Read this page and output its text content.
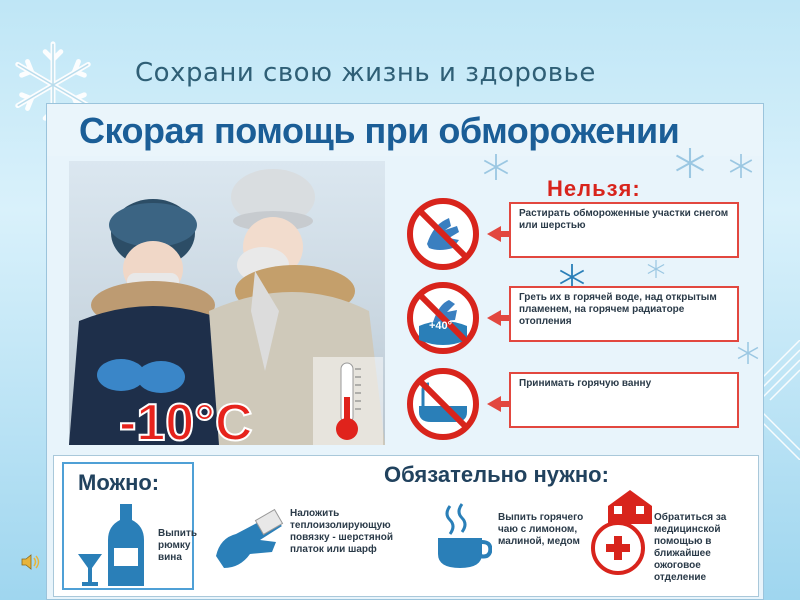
Сохрани свою жизнь и здоровье
Скорая помощь при обморожении
-10°C
Нельзя:
Растирать обмороженные участки снегом или шерстью
+40°
Греть их в горячей воде, над открытым пламенем, на горячем радиаторе отопления
Принимать горячую ванну
Можно:
Выпить рюмку вина
Обязательно нужно:
Наложить теплоизолирующую повязку - шерстяной платок или шарф
Выпить горячего чаю с лимоном, малиной, медом
Обратиться за медицинской помощью в ближайшее ожоговое отделение
